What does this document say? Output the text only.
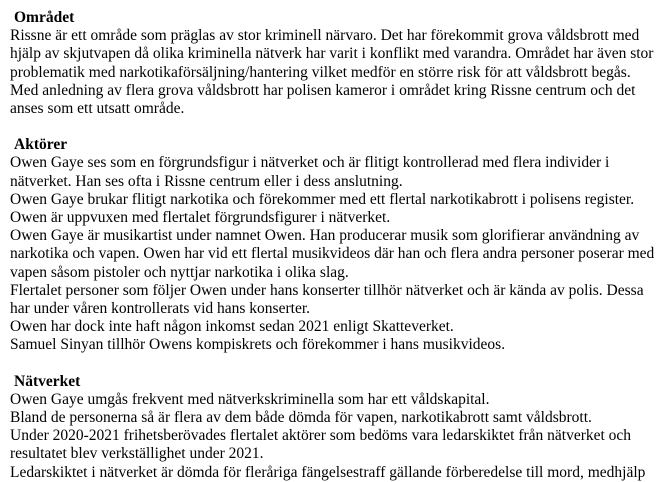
Området

Rissne är ett område som präglas av stor kriminell närvaro. Det har förekommit grova våldsbrott med hjälp av skjutvapen då olika kriminella nätverk har varit i konflikt med varandra. Området har även stor problematik med narkotikaförsäljning/hantering vilket medför en större risk för att våldsbrott begås.

Med anledning av flera grova våldsbrott har polisen kameror i området kring Rissne centrum och det anses som ett utsatt område.

Aktörer

Owen Gaye ses som en förgrundsfigur i nätverket och är flitigt kontrollerad med flera individer i nätverket. Han ses ofta i Rissne centrum eller i dess anslutning.

Owen Gaye brukar flitigt narkotika och förekommer med ett flertal narkotikabrott i polisens register.

Owen är uppvuxen med flertalet förgrundsfigurer i nätverket.

Owen Gaye är musikartist under namnet Owen. Han producerar musik som glorifierar användning av narkotika och vapen. Owen har vid ett flertal musikvideos där han och flera andra personer poserar med vapen såsom pistoler och nyttjar narkotika i olika slag.

Flertalet personer som följer Owen under hans konserter tillhör nätverket och är kända av polis. Dessa har under våren kontrollerats vid hans konserter.

Owen har dock inte haft någon inkomst sedan 2021 enligt Skatteverket.

Samuel Sinyan tillhör Owens kompiskrets och förekommer i hans musikvideos.

Nätverket

Owen Gaye umgås frekvent med nätverkskriminella som har ett våldskapital.

Bland de personerna så är flera av dem både dömda för vapen, narkotikabrott samt våldsbrott.

Under 2020-2021 frihetsberövades flertalet aktörer som bedöms vara ledarskiktet från nätverket och resultatet blev verkställighet under 2021.

Ledarskiktet i nätverket är dömda för fleråriga fängelsestraff gällande förberedelse till mord, medhjälp
